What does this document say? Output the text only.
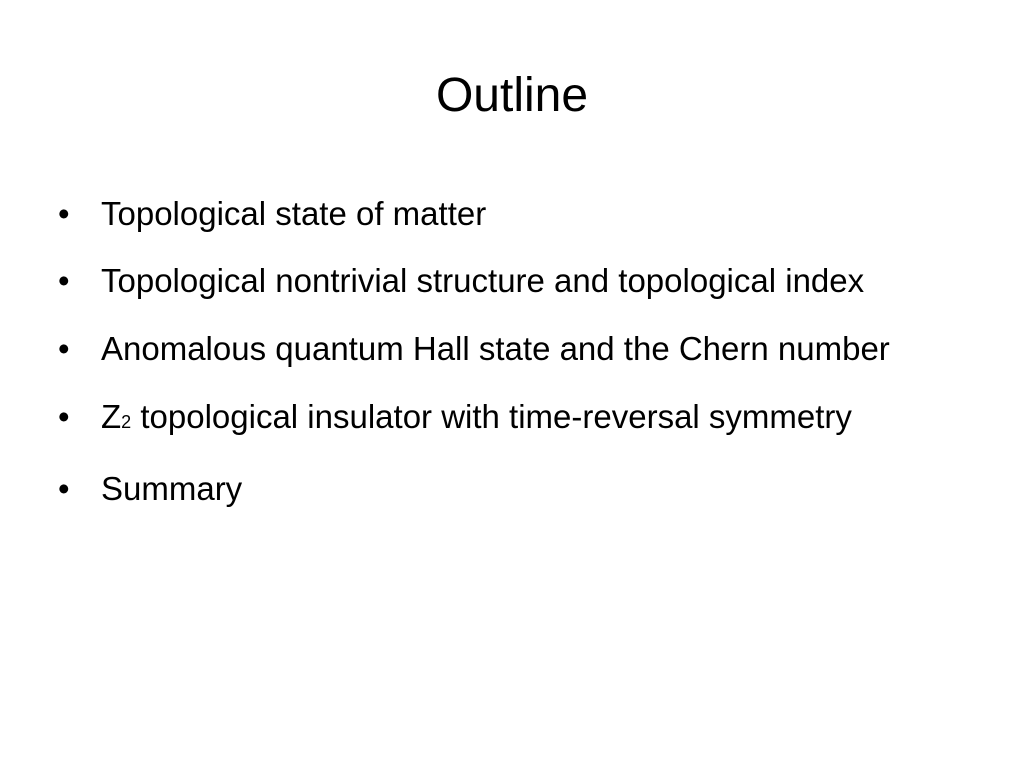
Outline
• Topological state of matter
• Topological nontrivial structure and topological index
• Anomalous quantum Hall state and the Chern number
• Z2 topological insulator with time-reversal symmetry
• Summary
